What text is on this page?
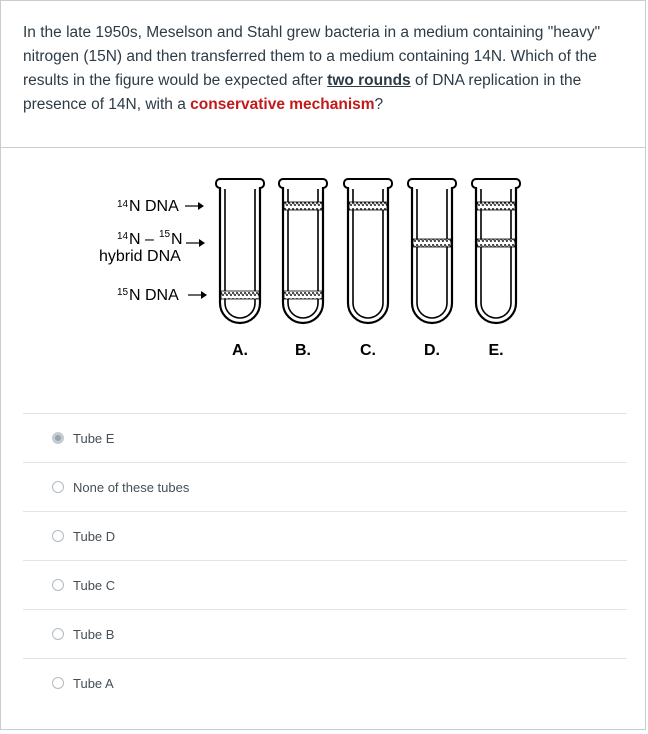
In the late 1950s, Meselson and Stahl grew bacteria in a medium containing "heavy" nitrogen (15N) and then transferred them to a medium containing 14N. Which of the results in the figure would be expected after two rounds of DNA replication in the presence of 14N, with a conservative mechanism?
14 N DNA
14 N – 15 N
hybrid DNA
15 N DNA
A.	B.	C.	D.	E.
Tube E
None of these tubes
Tube D
Tube C
Tube B
Tube A
